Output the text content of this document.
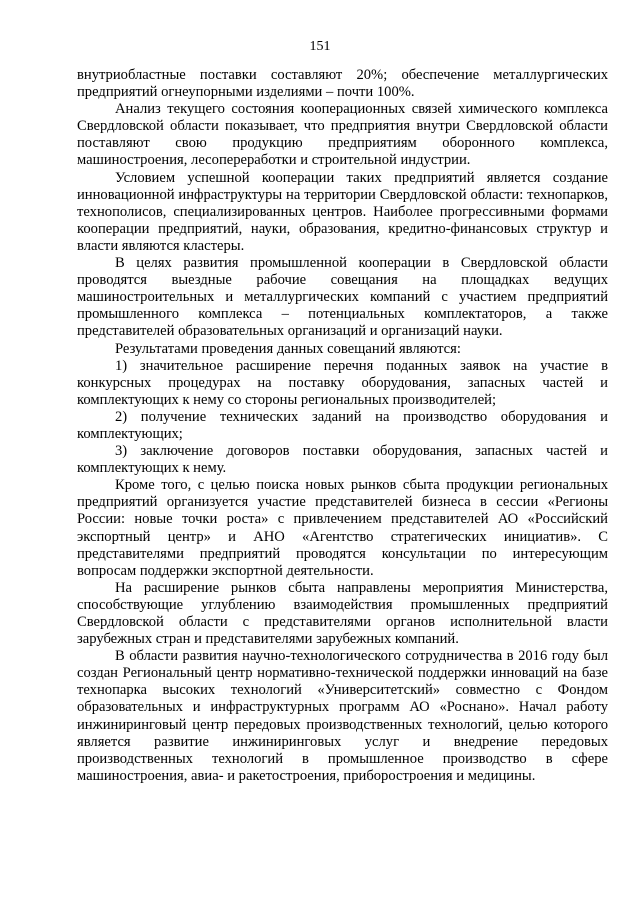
151

внутриобластные поставки составляют 20%; обеспечение металлургических предприятий огнеупорными изделиями – почти 100%.

Анализ текущего состояния кооперационных связей химического комплекса Свердловской области показывает, что предприятия внутри Свердловской области поставляют свою продукцию предприятиям оборонного комплекса, машиностроения, лесопереработки и строительной индустрии.

Условием успешной кооперации таких предприятий является создание инновационной инфраструктуры на территории Свердловской области: технопарков, технополисов, специализированных центров. Наиболее прогрессивными формами кооперации предприятий, науки, образования, кредитно-финансовых структур и власти являются кластеры.

В целях развития промышленной кооперации в Свердловской области проводятся выездные рабочие совещания на площадках ведущих машиностроительных и металлургических компаний с участием предприятий промышленного комплекса – потенциальных комплектаторов, а также представителей образовательных организаций и организаций науки.

Результатами проведения данных совещаний являются:

1) значительное расширение перечня поданных заявок на участие в конкурсных процедурах на поставку оборудования, запасных частей и комплектующих к нему со стороны региональных производителей;

2) получение технических заданий на производство оборудования и комплектующих;

3) заключение договоров поставки оборудования, запасных частей и комплектующих к нему.

Кроме того, с целью поиска новых рынков сбыта продукции региональных предприятий организуется участие представителей бизнеса в сессии «Регионы России: новые точки роста» с привлечением представителей АО «Российский экспортный центр» и АНО «Агентство стратегических инициатив». С представителями предприятий проводятся консультации по интересующим вопросам поддержки экспортной деятельности.

На расширение рынков сбыта направлены мероприятия Министерства, способствующие углублению взаимодействия промышленных предприятий Свердловской области с представителями органов исполнительной власти зарубежных стран и представителями зарубежных компаний.

В области развития научно-технологического сотрудничества в 2016 году был создан Региональный центр нормативно-технической поддержки инноваций на базе технопарка высоких технологий «Университетский» совместно с Фондом образовательных и инфраструктурных программ АО «Роснано». Начал работу инжиниринговый центр передовых производственных технологий, целью которого является развитие инжиниринговых услуг и внедрение передовых производственных технологий в промышленное производство в сфере машиностроения, авиа- и ракетостроения, приборостроения и медицины.
